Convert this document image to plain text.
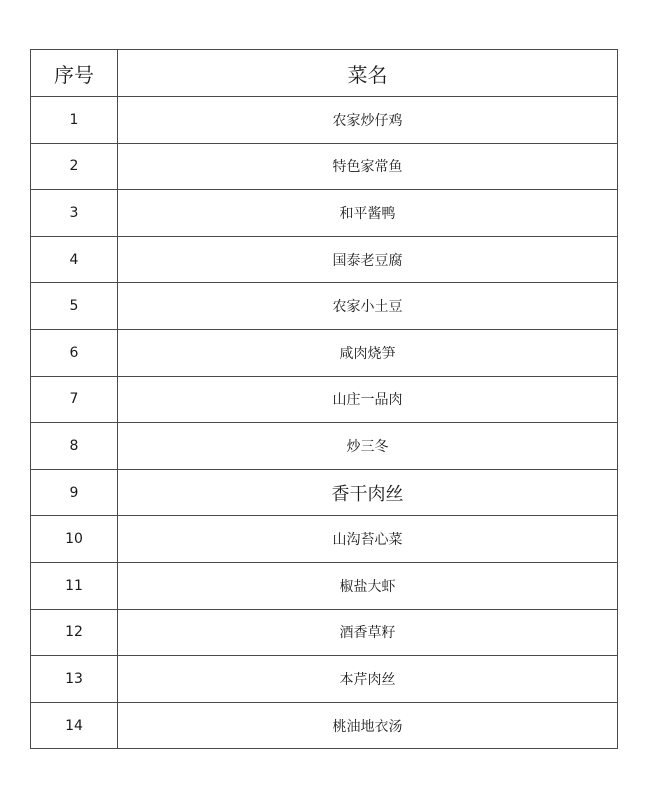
序号	菜名
1	农家炒仔鸡
2	特色家常鱼
3	和平酱鸭
4	国泰老豆腐
5	农家小土豆
6	咸肉烧笋
7	山庄一品肉
8	炒三冬
9	香干肉丝
10	山沟苔心菜
11	椒盐大虾
12	酒香草籽
13	本芹肉丝
14	桃油地衣汤
